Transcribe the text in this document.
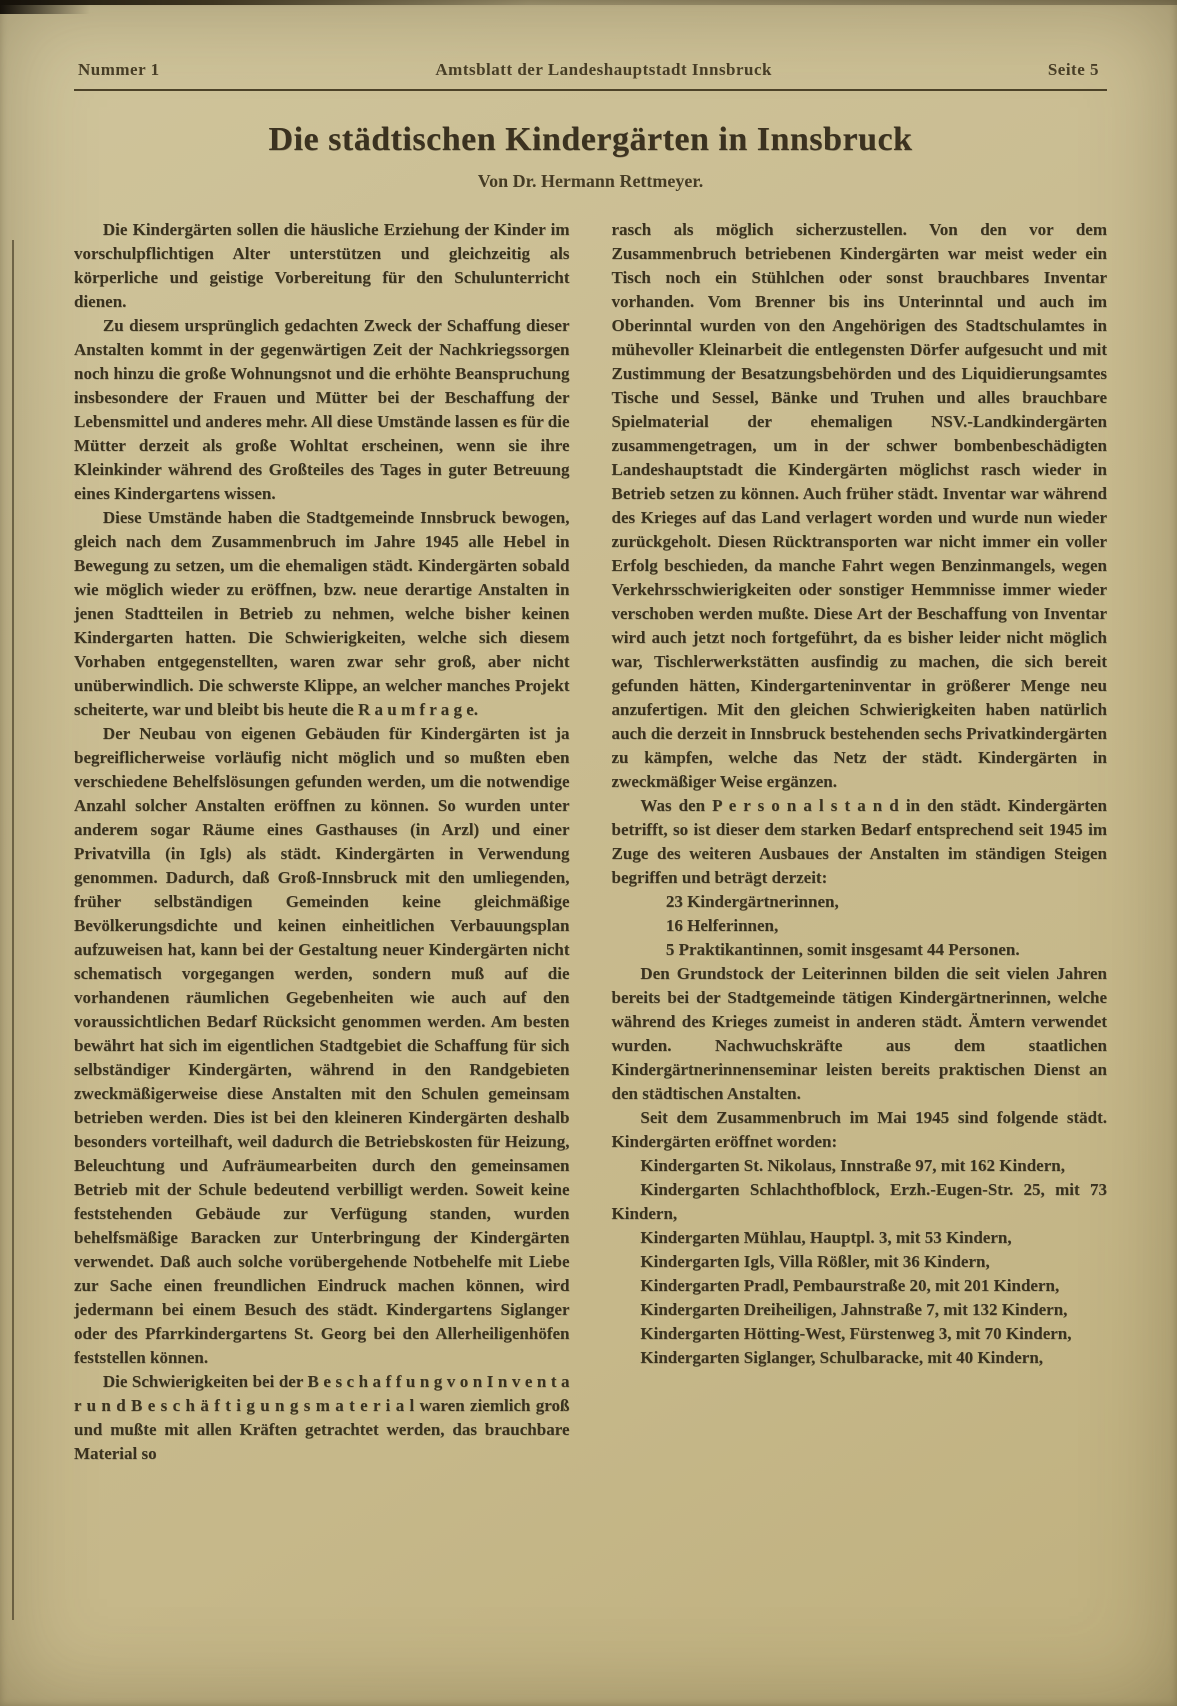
Nummer 1	Amtsblatt der Landeshauptstadt Innsbruck	Seite 5
Die städtischen Kindergärten in Innsbruck
Von Dr. Hermann Rettmeyer.

Die Kindergärten sollen die häusliche Erziehung der Kinder im vorschulpflichtigen Alter unterstützen und gleichzeitig als körperliche und geistige Vorbereitung für den Schulunterricht dienen.

Zu diesem ursprünglich gedachten Zweck der Schaffung dieser Anstalten kommt in der gegenwärtigen Zeit der Nachkriegssorgen noch hinzu die große Wohnungsnot und die erhöhte Beanspruchung insbesondere der Frauen und Mütter bei der Beschaffung der Lebensmittel und anderes mehr. All diese Umstände lassen es für die Mütter derzeit als große Wohltat erscheinen, wenn sie ihre Kleinkinder während des Großteiles des Tages in guter Betreuung eines Kindergartens wissen.

Diese Umstände haben die Stadtgemeinde Innsbruck bewogen, gleich nach dem Zusammenbruch im Jahre 1945 alle Hebel in Bewegung zu setzen, um die ehemaligen städt. Kindergärten sobald wie möglich wieder zu eröffnen, bzw. neue derartige Anstalten in jenen Stadtteilen in Betrieb zu nehmen, welche bisher keinen Kindergarten hatten. Die Schwierigkeiten, welche sich diesem Vorhaben entgegenstellten, waren zwar sehr groß, aber nicht unüberwindlich. Die schwerste Klippe, an welcher manches Projekt scheiterte, war und bleibt bis heute die R a u m f r a g e.

Der Neubau von eigenen Gebäuden für Kindergärten ist ja begreiflicherweise vorläufig nicht möglich und so mußten eben verschiedene Behelfslösungen gefunden werden, um die notwendige Anzahl solcher Anstalten eröffnen zu können. So wurden unter anderem sogar Räume eines Gasthauses (in Arzl) und einer Privatvilla (in Igls) als städt. Kindergärten in Verwendung genommen. Dadurch, daß Groß-Innsbruck mit den umliegenden, früher selbständigen Gemeinden keine gleichmäßige Bevölkerungsdichte und keinen einheitlichen Verbauungsplan aufzuweisen hat, kann bei der Gestaltung neuer Kindergärten nicht schematisch vorgegangen werden, sondern muß auf die vorhandenen räumlichen Gegebenheiten wie auch auf den voraussichtlichen Bedarf Rücksicht genommen werden. Am besten bewährt hat sich im eigentlichen Stadtgebiet die Schaffung für sich selbständiger Kindergärten, während in den Randgebieten zweckmäßigerweise diese Anstalten mit den Schulen gemeinsam betrieben werden. Dies ist bei den kleineren Kindergärten deshalb besonders vorteilhaft, weil dadurch die Betriebskosten für Heizung, Beleuchtung und Aufräumearbeiten durch den gemeinsamen Betrieb mit der Schule bedeutend verbilligt werden. Soweit keine feststehenden Gebäude zur Verfügung standen, wurden behelfsmäßige Baracken zur Unterbringung der Kindergärten verwendet. Daß auch solche vorübergehende Notbehelfe mit Liebe zur Sache einen freundlichen Eindruck machen können, wird jedermann bei einem Besuch des städt. Kindergartens Siglanger oder des Pfarrkindergartens St. Georg bei den Allerheiligenhöfen feststellen können.

Die Schwierigkeiten bei der B e s c h a f f u n g v o n I n v e n t a r u n d B e s c h ä f t i g u n g s m a t e r i a l waren ziemlich groß und mußte mit allen Kräften getrachtet werden, das brauchbare Material so

rasch als möglich sicherzustellen. Von den vor dem Zusammenbruch betriebenen Kindergärten war meist weder ein Tisch noch ein Stühlchen oder sonst brauchbares Inventar vorhanden. Vom Brenner bis ins Unterinntal und auch im Oberinntal wurden von den Angehörigen des Stadtschulamtes in mühevoller Kleinarbeit die entlegensten Dörfer aufgesucht und mit Zustimmung der Besatzungsbehörden und des Liquidierungsamtes Tische und Sessel, Bänke und Truhen und alles brauchbare Spielmaterial der ehemaligen NSV.-Landkindergärten zusammengetragen, um in der schwer bombenbeschädigten Landeshauptstadt die Kindergärten möglichst rasch wieder in Betrieb setzen zu können. Auch früher städt. Inventar war während des Krieges auf das Land verlagert worden und wurde nun wieder zurückgeholt. Diesen Rücktransporten war nicht immer ein voller Erfolg beschieden, da manche Fahrt wegen Benzinmangels, wegen Verkehrsschwierigkeiten oder sonstiger Hemmnisse immer wieder verschoben werden mußte. Diese Art der Beschaffung von Inventar wird auch jetzt noch fortgeführt, da es bisher leider nicht möglich war, Tischlerwerkstätten ausfindig zu machen, die sich bereit gefunden hätten, Kindergarteninventar in größerer Menge neu anzufertigen. Mit den gleichen Schwierigkeiten haben natürlich auch die derzeit in Innsbruck bestehenden sechs Privatkindergärten zu kämpfen, welche das Netz der städt. Kindergärten in zweckmäßiger Weise ergänzen.

Was den P e r s o n a l s t a n d in den städt. Kindergärten betrifft, so ist dieser dem starken Bedarf entsprechend seit 1945 im Zuge des weiteren Ausbaues der Anstalten im ständigen Steigen begriffen und beträgt derzeit:

23 Kindergärtnerinnen,

16 Helferinnen,

5 Praktikantinnen, somit insgesamt 44 Personen.

Den Grundstock der Leiterinnen bilden die seit vielen Jahren bereits bei der Stadtgemeinde tätigen Kindergärtnerinnen, welche während des Krieges zumeist in anderen städt. Ämtern verwendet wurden. Nachwuchskräfte aus dem staatlichen Kindergärtnerinnenseminar leisten bereits praktischen Dienst an den städtischen Anstalten.

Seit dem Zusammenbruch im Mai 1945 sind folgende städt. Kindergärten eröffnet worden:

Kindergarten St. Nikolaus, Innstraße 97, mit 162 Kindern,

Kindergarten Schlachthofblock, Erzh.-Eugen-Str. 25, mit 73 Kindern,

Kindergarten Mühlau, Hauptpl. 3, mit 53 Kindern,

Kindergarten Igls, Villa Rößler, mit 36 Kindern,

Kindergarten Pradl, Pembaurstraße 20, mit 201 Kindern,

Kindergarten Dreiheiligen, Jahnstraße 7, mit 132 Kindern,

Kindergarten Hötting-West, Fürstenweg 3, mit 70 Kindern,

Kindergarten Siglanger, Schulbaracke, mit 40 Kindern,
